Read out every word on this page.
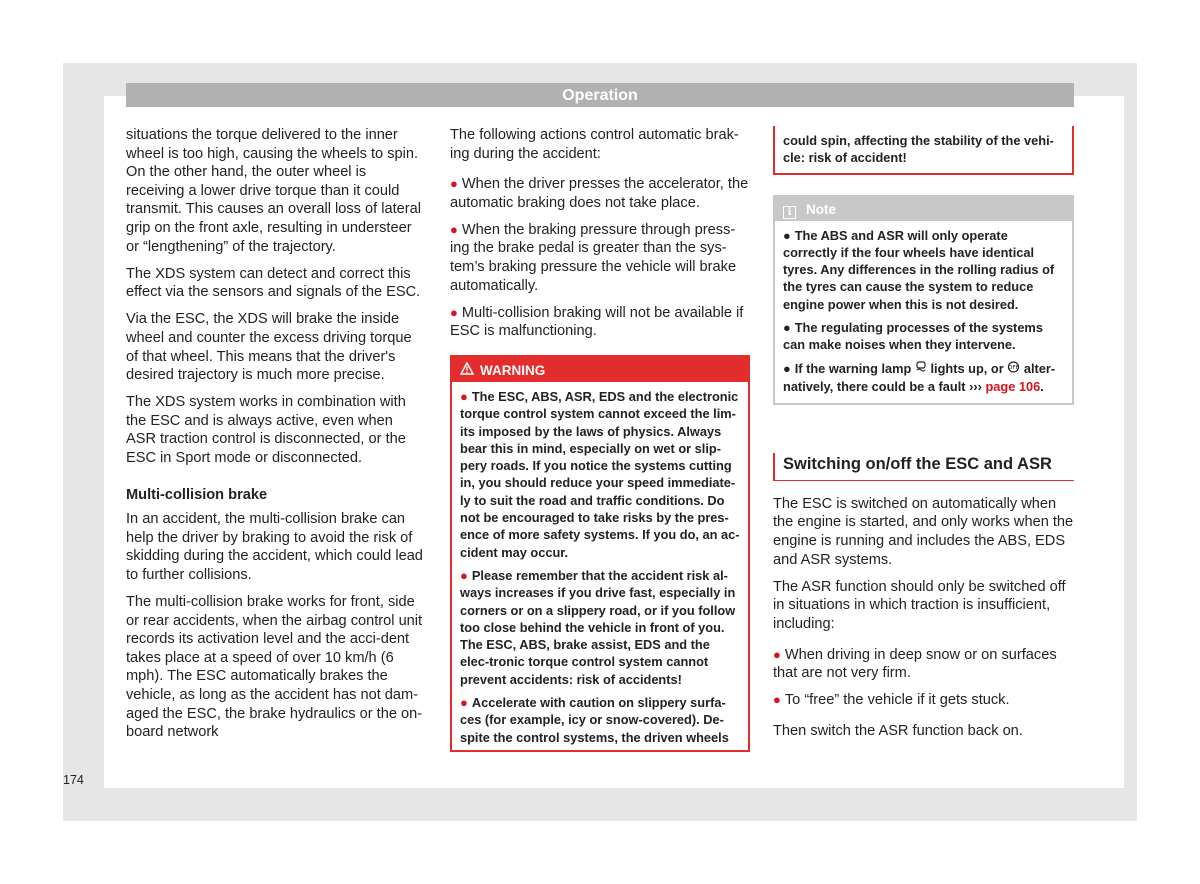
Operation

situations the torque delivered to the inner wheel is too high, causing the wheels to spin. On the other hand, the outer wheel is receiving a lower drive torque than it could transmit. This causes an overall loss of lateral grip on the front axle, resulting in understeer or “lengthening” of the trajectory.

The XDS system can detect and correct this effect via the sensors and signals of the ESC.

Via the ESC, the XDS will brake the inside wheel and counter the excess driving torque of that wheel. This means that the driver's desired trajectory is much more precise.

The XDS system works in combination with the ESC and is always active, even when ASR traction control is disconnected, or the ESC in Sport mode or disconnected.

Multi-collision brake

In an accident, the multi-collision brake can help the driver by braking to avoid the risk of skidding during the accident, which could lead to further collisions.

The multi-collision brake works for front, side or rear accidents, when the airbag control unit records its activation level and the acci-dent takes place at a speed of over 10 km/h (6 mph). The ESC automatically brakes the vehicle, as long as the accident has not dam-aged the ESC, the brake hydraulics or the on-board network

The following actions control automatic brak-ing during the accident:

● When the driver presses the accelerator, the automatic braking does not take place.

● When the braking pressure through press-ing the brake pedal is greater than the sys-tem’s braking pressure the vehicle will brake automatically.

● Multi-collision braking will not be available if ESC is malfunctioning.

WARNING

● The ESC, ABS, ASR, EDS and the electronic torque control system cannot exceed the lim-its imposed by the laws of physics. Always bear this in mind, especially on wet or slip-pery roads. If you notice the systems cutting in, you should reduce your speed immediate-ly to suit the road and traffic conditions. Do not be encouraged to take risks by the pres-ence of more safety systems. If you do, an ac-cident may occur.

● Please remember that the accident risk al-ways increases if you drive fast, especially in corners or on a slippery road, or if you follow too close behind the vehicle in front of you. The ESC, ABS, brake assist, EDS and the elec-tronic torque control system cannot prevent accidents: risk of accidents!

● Accelerate with caution on slippery surfa-ces (for example, icy or snow-covered). De-spite the control systems, the driven wheels

could spin, affecting the stability of the vehi-cle: risk of accident!
i Note

● The ABS and ASR will only operate correctly if the four wheels have identical tyres. Any differences in the rolling radius of the tyres can cause the system to reduce engine power when this is not desired.

● The regulating processes of the systems can make noises when they intervene.

● If the warning lamp lights up, or OFF alter-natively, there could be a fault ››› page 106.

Switching on/off the ESC and ASR

The ESC is switched on automatically when the engine is started, and only works when the engine is running and includes the ABS, EDS and ASR systems.

The ASR function should only be switched off in situations in which traction is insufficient, including:

● When driving in deep snow or on surfaces that are not very firm.

● To “free” the vehicle if it gets stuck.

Then switch the ASR function back on.

174
